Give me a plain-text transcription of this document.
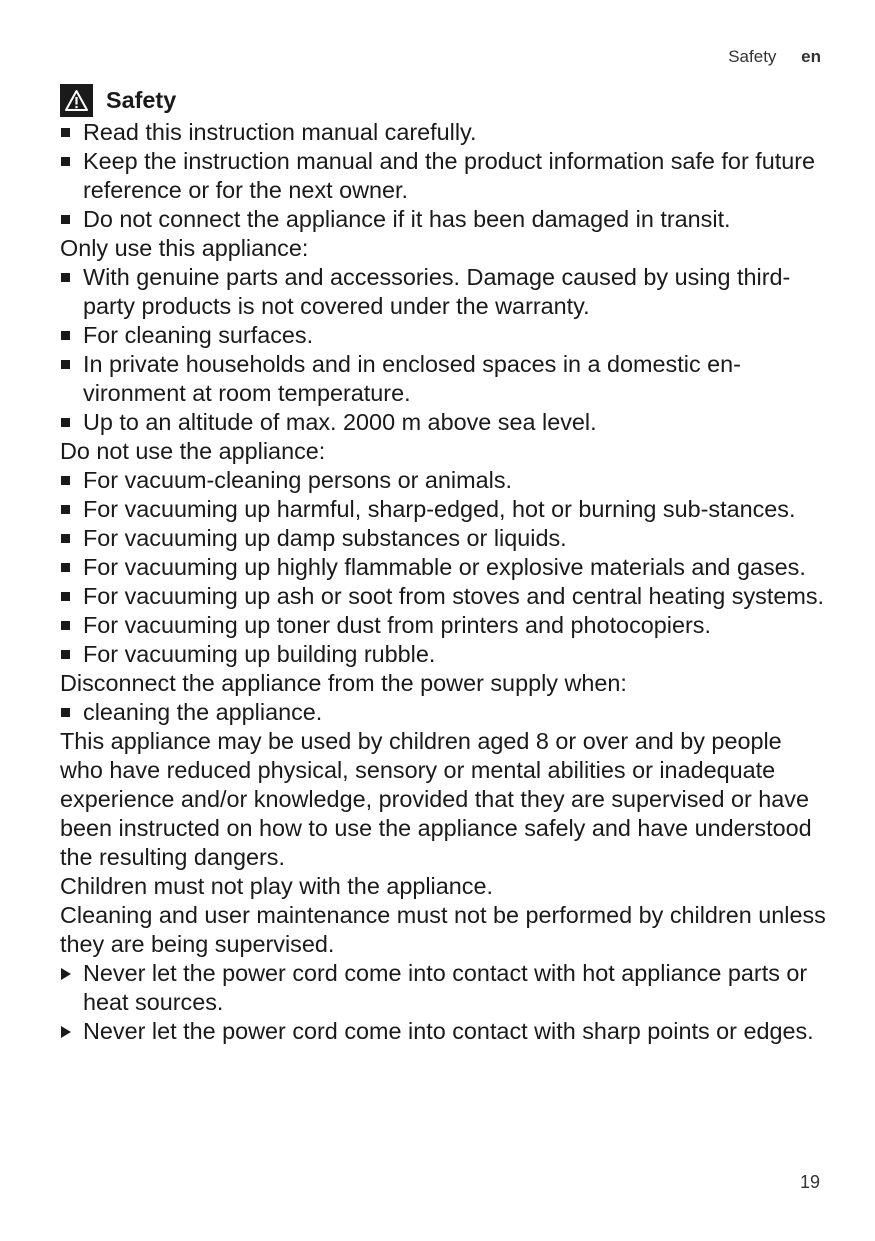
Safety en
Safety
Read this instruction manual carefully.
Keep the instruction manual and the product information safe for future reference or for the next owner.
Do not connect the appliance if it has been damaged in transit.

Only use this appliance:

With genuine parts and accessories. Damage caused by using third-party products is not covered under the warranty.
For cleaning surfaces.
In private households and in enclosed spaces in a domestic en-vironment at room temperature.
Up to an altitude of max. 2000 m above sea level.

Do not use the appliance:

For vacuum-cleaning persons or animals.
For vacuuming up harmful, sharp-edged, hot or burning sub-stances.
For vacuuming up damp substances or liquids.
For vacuuming up highly flammable or explosive materials and gases.
For vacuuming up ash or soot from stoves and central heating systems.
For vacuuming up toner dust from printers and photocopiers.
For vacuuming up building rubble.

Disconnect the appliance from the power supply when:

cleaning the appliance.

This appliance may be used by children aged 8 or over and by people who have reduced physical, sensory or mental abilities or inadequate experience and/or knowledge, provided that they are supervised or have been instructed on how to use the appliance safely and have understood the resulting dangers.

Children must not play with the appliance.

Cleaning and user maintenance must not be performed by children unless they are being supervised.

Never let the power cord come into contact with hot appliance parts or heat sources.
Never let the power cord come into contact with sharp points or edges.
19
